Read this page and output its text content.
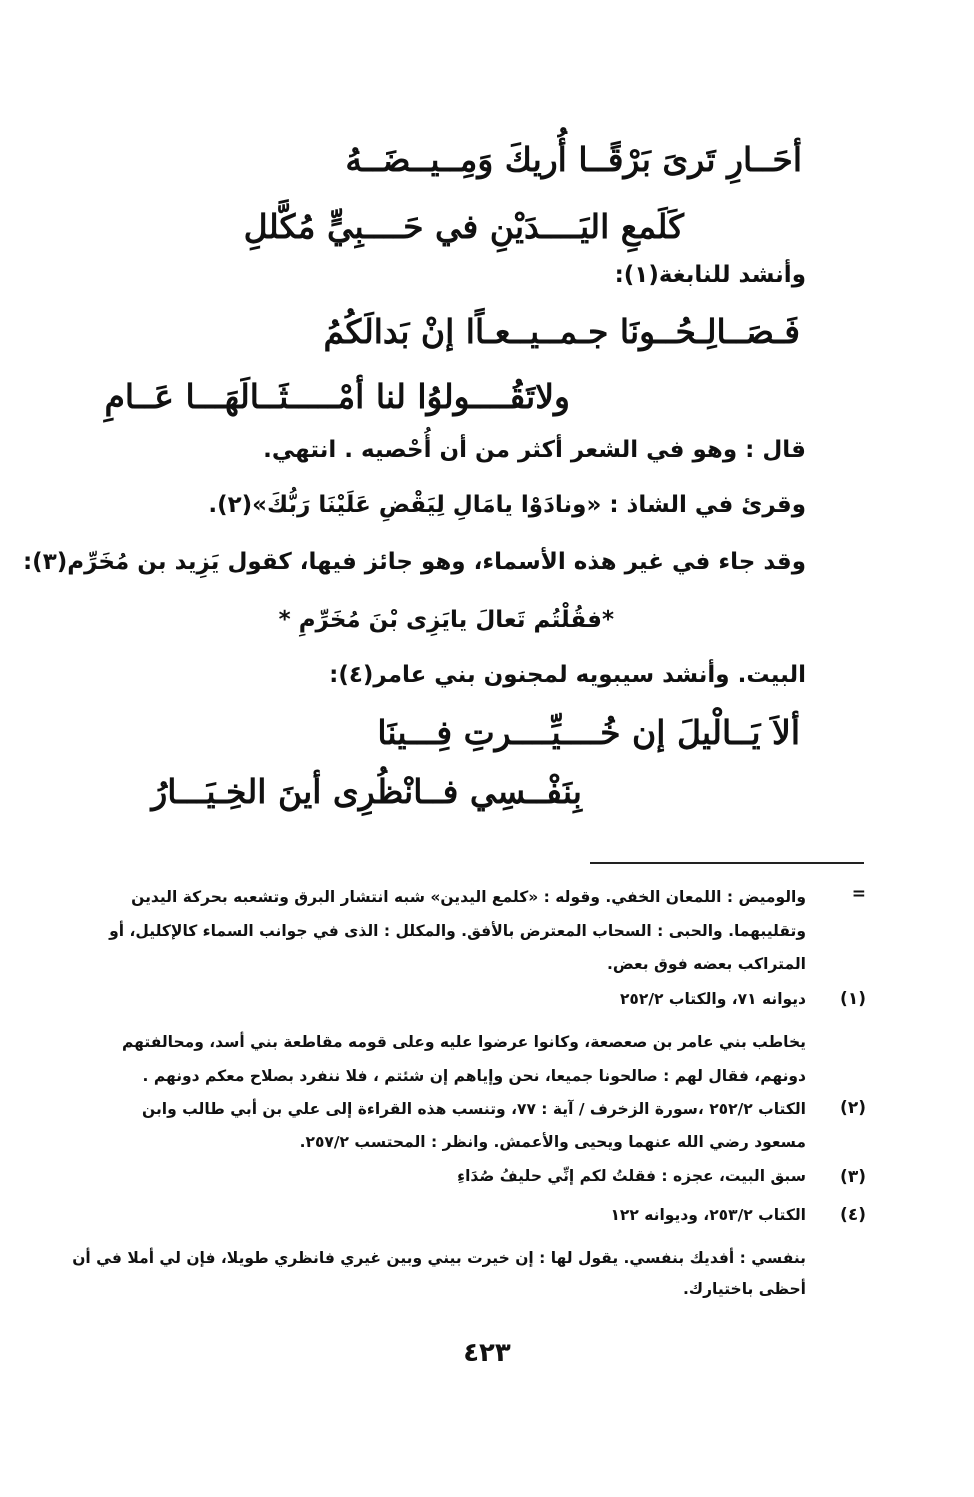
أحَــارِ تَرىَ بَرْقًــا أُريكَ وَمِــيــضَــهُ
كَلَمعِ اليَــــدَيْنِ في حَــــبِيٍّ مُكَّللِ
وأنشد للنابغة(١):
فَـصَــالِـحُــونَا جـمــيــعـاًا إنْ بَدالَكُمُ
ولاتَقُــــولوُا لنا أمْـــــثَــالَهَـــا عَــامِ
قال : وهو في الشعر أكثر من أن أُحْصيه . انتهي.
وقرئ في الشاذ : «ونادَوْا يامَالِ لِيَقْضِ عَلَيْنَا رَبُّكَ»(٢).
وقد جاء في غير هذه الأسماء، وهو جائز فيها، كقول يَزِيد بن مُخَرِّم(٣):
*فقُلْتُم تَعالَ يايَزِى بْنَ مُخَرِّمِ *
البيت. وأنشد سيبويه لمجنون بني عامر(٤):
ألاَ يَــالْيلَ إن خُــــيِّــــرتِ فِـــينَا
بِنَفْــسِي فــانْظُرِى أينَ الخِـيَـــارُ
=
والوميض : اللمعان الخفي. وقوله : «كلمع اليدين» شبه انتشار البرق وتشعبه بحركة اليدين
وتقليبهما. والحبى : السحاب المعترض بالأفق. والمكلل : الذى في جوانب السماء كالإكليل، أو
المتراكب بعضه فوق بعض.
(١)
ديوانه ٧١، والكتاب ٢٥٢/٢
يخاطب بني عامر بن صعصعة، وكانوا عرضوا عليه وعلى قومه مقاطعة بني أسد، ومحالفتهم
دونهم، فقال لهم : صالحونا جميعا، نحن وإياهم إن شئتم ، فلا ننفرد بصلاح معكم دونهم .
(٢)
الكتاب ٢٥٢/٢ ،سورة الزخرف / آية : ٧٧، وتنسب هذه القراءة إلى علي بن أبي طالب وابن
مسعود رضي الله عنهما ويحيى والأعمش. وانظر : المحتسب ٢٥٧/٢.
(٣)
سبق البيت، عجزه : فقلتُ لكم إنِّي حليفُ صُدَاءِ
(٤)
الكتاب ٢٥٣/٢، وديوانه ١٢٢
بنفسي : أفديك بنفسي. يقول لها : إن خيرت بيني وبين غيري فانظري طويلا، فإن لي أملا في أن
أحظى باختيارك.
٤٢٣
